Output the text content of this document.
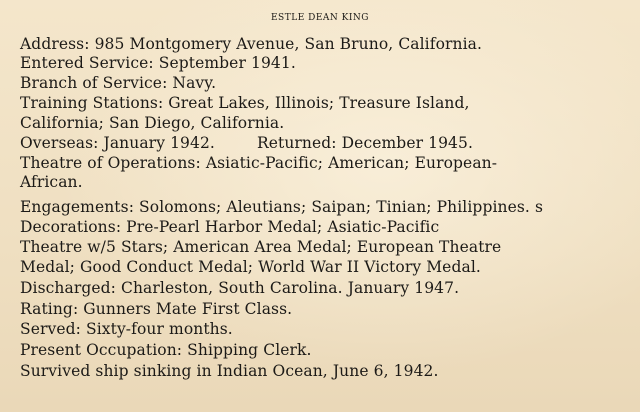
ESTLE DEAN KING
Address: 985 Montgomery Avenue, San Bruno, California.
Entered Service: September 1941.
Branch of Service: Navy.
Training Stations: Great Lakes, Illinois; Treasure Island,
California; San Diego, California.
Overseas: January 1942.	Returned: December 1945.
Theatre of Operations: Asiatic-Pacific; American; European-
African.
Engagements: Solomons; Aleutians; Saipan; Tinian; Philippines. s
Decorations: Pre-Pearl Harbor Medal; Asiatic-Pacific
Theatre w/5 Stars; American Area Medal; European Theatre
Medal; Good Conduct Medal; World War II Victory Medal.
Discharged: Charleston, South Carolina. January 1947.
Rating: Gunners Mate First Class.
Served: Sixty-four months.
Present Occupation: Shipping Clerk.
Survived ship sinking in Indian Ocean, June 6, 1942.
